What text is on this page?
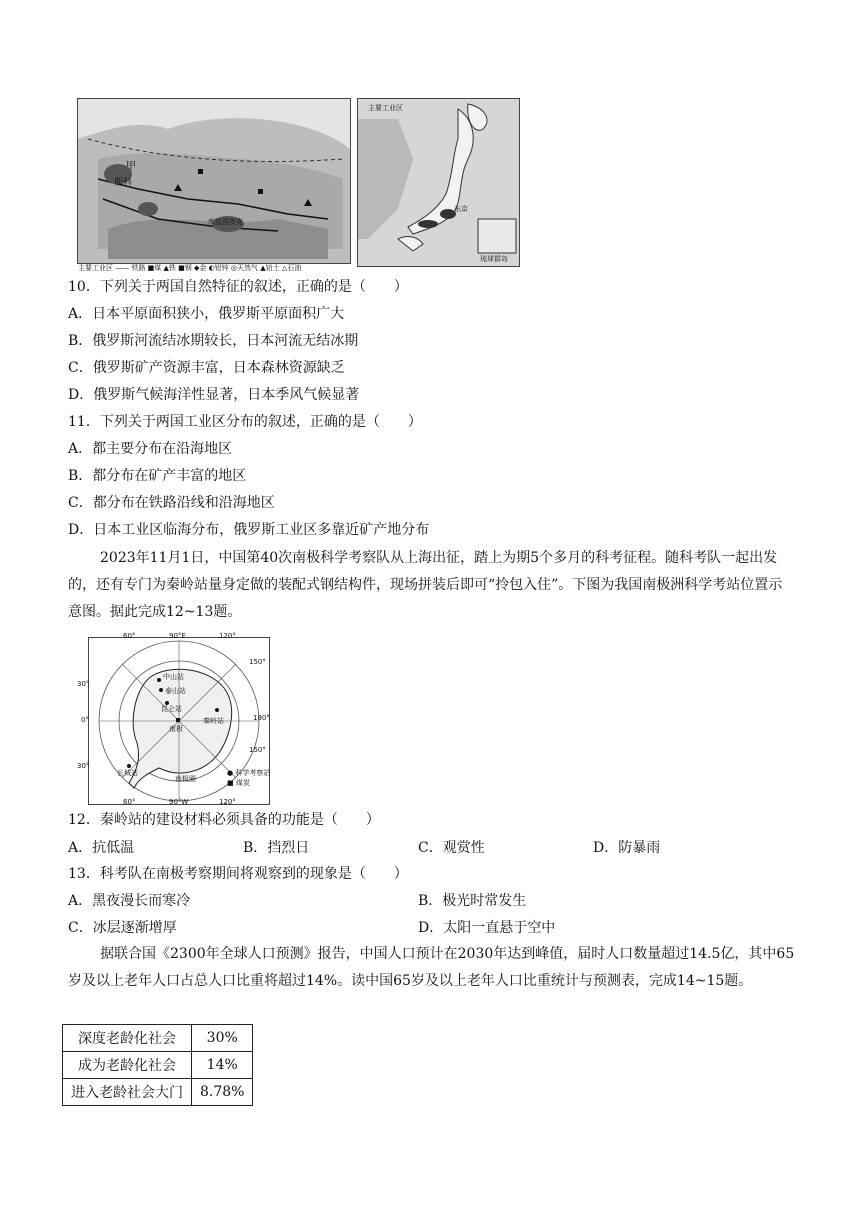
甲
斯科
库兹涅茨克
主要工业区
东京
琉球群岛
主要工业区 —— 铁路 ■煤 ▲铁 ■钢 ◆金 ◐铝锌 ◎天然气 ▲铂土 △石油
10．下列关于两国自然特征的叙述，正确的是（　　）
A．日本平原面积狭小，俄罗斯平原面积广大
B．俄罗斯河流结冰期较长，日本河流无结冰期
C．俄罗斯矿产资源丰富，日本森林资源缺乏
D．俄罗斯气候海洋性显著，日本季风气候显著
11．下列关于两国工业区分布的叙述，正确的是（　　）
A．都主要分布在沿海地区
B．都分布在矿产丰富的地区
C．都分布在铁路沿线和沿海地区
D．日本工业区临海分布，俄罗斯工业区多靠近矿产地分布
2023年11月1日，中国第40次南极科学考察队从上海出征，踏上为期5个多月的科考征程。随科考队一起出发的，还有专门为秦岭站量身定做的装配式钢结构件，现场拼装后即可“拎包入住”。下图为我国南极洲科学考站位置示意图。据此完成12~13题。
60°	90°E	120°
150°
180°
150°
120°
90°W
60°
30°
0°
30°
中山站
泰山站
昆仑站
南极
秦岭站
长城站
南极圈
● 科学考察站
■ 煤炭
12．秦岭站的建设材料必须具备的功能是（　　）
A．抗低温	B．挡烈日	C．观赏性	D．防暴雨
13．科考队在南极考察期间将观察到的现象是（　　）
A．黑夜漫长而寒冷	B．极光时常发生
C．冰层逐渐增厚	D．太阳一直悬于空中
据联合国《2300年全球人口预测》报告，中国人口预计在2030年达到峰值，届时人口数量超过14.5亿，其中65岁及以上老年人口占总人口比重将超过14%。读中国65岁及以上老年人口比重统计与预测表，完成14~15题。
深度老龄化社会	30%
成为老龄化社会	14%
进入老龄社会大门	8.78%
